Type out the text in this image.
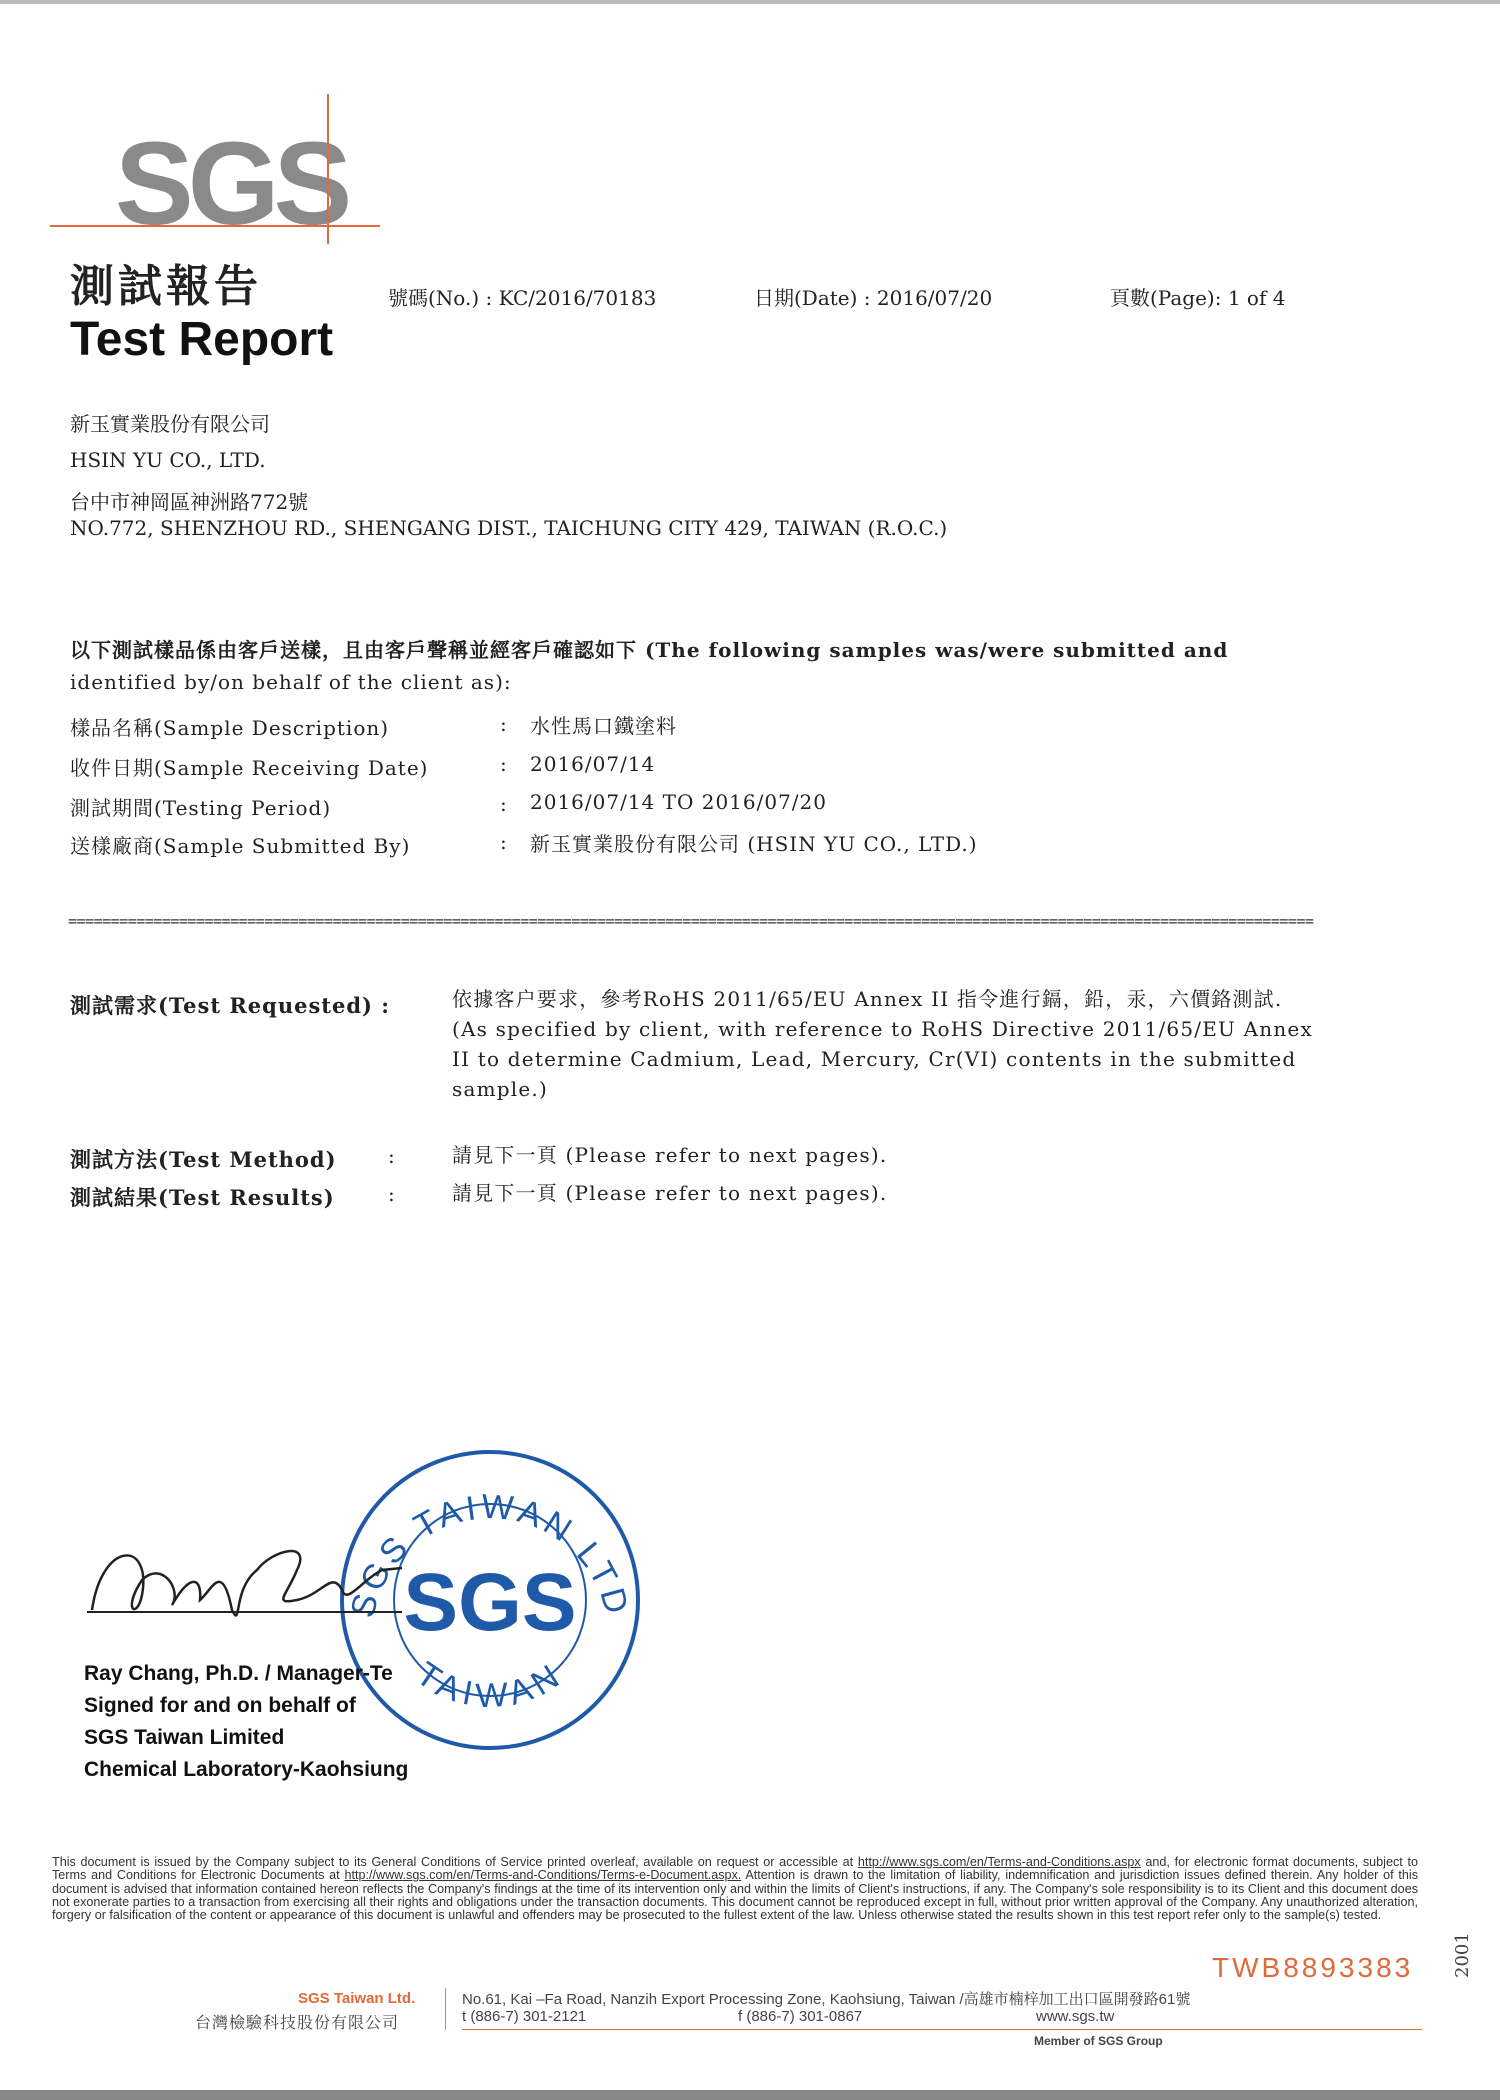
SGS
測試報告
Test Report
號碼(No.) : KC/2016/70183	日期(Date) : 2016/07/20	頁數(Page): 1 of 4
新玉實業股份有限公司
HSIN YU CO., LTD.
台中市神岡區神洲路772號
NO.772, SHENZHOU RD., SHENGANG DIST., TAICHUNG CITY 429, TAIWAN (R.O.C.)
以下測試樣品係由客戶送樣，且由客戶聲稱並經客戶確認如下 (The following samples was/were submitted and
identified by/on behalf of the client as):
樣品名稱(Sample Description)	: 水性馬口鐵塗料
收件日期(Sample Receiving Date)	: 2016/07/14
測試期間(Testing Period)	: 2016/07/14 TO 2016/07/20
送樣廠商(Sample Submitted By)	: 新玉實業股份有限公司 (HSIN YU CO., LTD.)
==================================================================================================================================================
測試需求(Test Requested) :	依據客户要求，參考RoHS 2011/65/EU Annex II 指令進行鎘，鉛，汞，六價鉻測試.
(As specified by client, with reference to RoHS Directive 2011/65/EU Annex
II to determine Cadmium, Lead, Mercury, Cr(VI) contents in the submitted
sample.)
測試方法(Test Method)	:	請見下一頁 (Please refer to next pages).
測試結果(Test Results)	:	請見下一頁 (Please refer to next pages).
SGS TAIWAN LTD
TAIWAN
SGS
Ray Chang, Ph.D. / Manager-Te
Signed for and on behalf of
SGS Taiwan Limited
Chemical Laboratory-Kaohsiung
This document is issued by the Company subject to its General Conditions of Service printed overleaf, available on request or accessible at http://www.sgs.com/en/Terms-and-Conditions.aspx and, for electronic format documents, subject to Terms and Conditions for Electronic Documents at http://www.sgs.com/en/Terms-and-Conditions/Terms-e-Document.aspx. Attention is drawn to the limitation of liability, indemnification and jurisdiction issues defined therein. Any holder of this document is advised that information contained hereon reflects the Company's findings at the time of its intervention only and within the limits of Client's instructions, if any. The Company's sole responsibility is to its Client and this document does not exonerate parties to a transaction from exercising all their rights and obligations under the transaction documents. This document cannot be reproduced except in full, without prior written approval of the Company. Any unauthorized alteration, forgery or falsification of the content or appearance of this document is unlawful and offenders may be prosecuted to the fullest extent of the law. Unless otherwise stated the results shown in this test report refer only to the sample(s) tested.
TWB8893383 2001
SGS Taiwan Ltd.
台灣檢驗科技股份有限公司
No.61, Kai –Fa Road, Nanzih Export Processing Zone, Kaohsiung, Taiwan /高雄市楠梓加工出口區開發路61號
t (886-7) 301-2121	f (886-7) 301-0867	www.sgs.tw
Member of SGS Group
